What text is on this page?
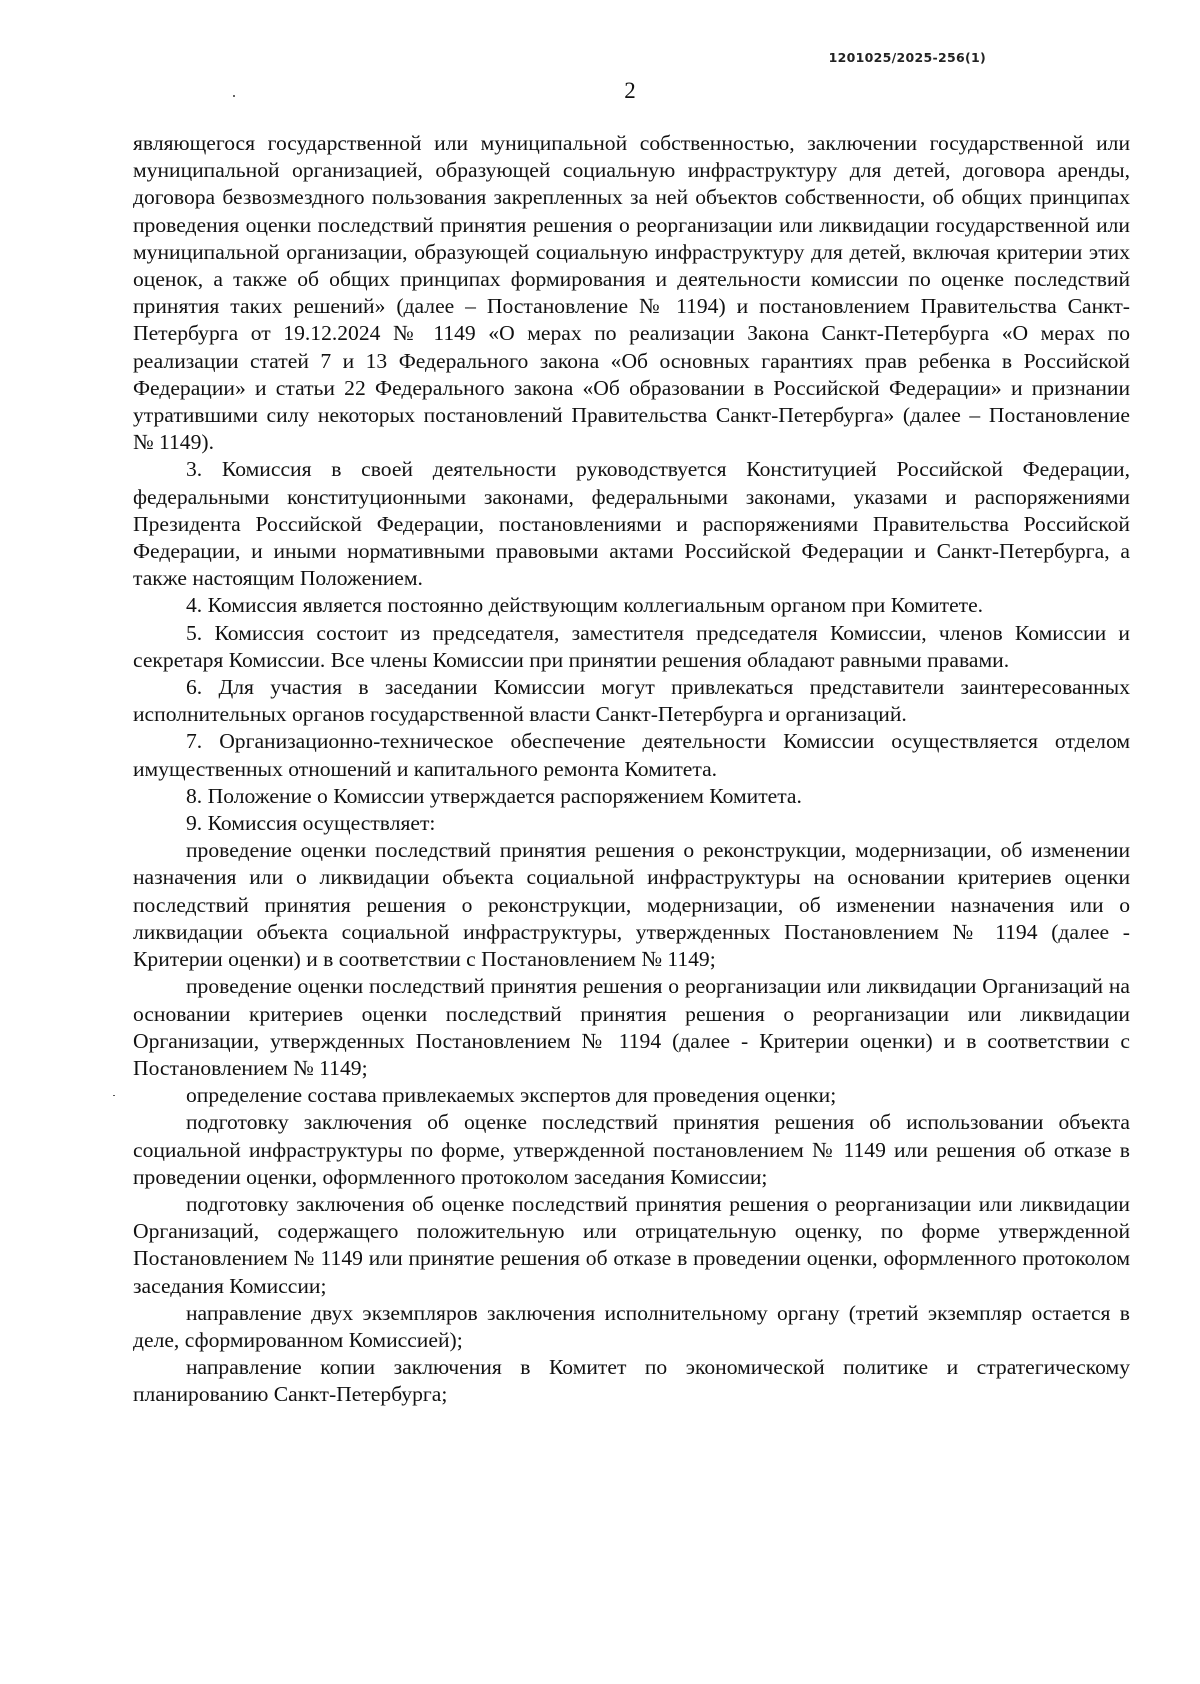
1201025/2025-256(1)
2

являющегося государственной или муниципальной собственностью, заключении государственной или муниципальной организацией, образующей социальную инфраструктуру для детей, договора аренды, договора безвозмездного пользования закрепленных за ней объектов собственности, об общих принципах проведения оценки последствий принятия решения о реорганизации или ликвидации государственной или муниципальной организации, образующей социальную инфраструктуру для детей, включая критерии этих оценок, а также об общих принципах формирования и деятельности комиссии по оценке последствий принятия таких решений» (далее – Постановление № 1194) и постановлением Правительства Санкт-Петербурга от 19.12.2024 № 1149 «О мерах по реализации Закона Санкт-Петербурга «О мерах по реализации статей 7 и 13 Федерального закона «Об основных гарантиях прав ребенка в Российской Федерации» и статьи 22 Федерального закона «Об образовании в Российской Федерации» и признании утратившими силу некоторых постановлений Правительства Санкт-Петербурга» (далее – Постановление № 1149).

3. Комиссия в своей деятельности руководствуется Конституцией Российской Федерации, федеральными конституционными законами, федеральными законами, указами и распоряжениями Президента Российской Федерации, постановлениями и распоряжениями Правительства Российской Федерации, и иными нормативными правовыми актами Российской Федерации и Санкт-Петербурга, а также настоящим Положением.

4. Комиссия является постоянно действующим коллегиальным органом при Комитете.

5. Комиссия состоит из председателя, заместителя председателя Комиссии, членов Комиссии и секретаря Комиссии. Все члены Комиссии при принятии решения обладают равными правами.

6. Для участия в заседании Комиссии могут привлекаться представители заинтересованных исполнительных органов государственной власти Санкт-Петербурга и организаций.

7. Организационно-техническое обеспечение деятельности Комиссии осуществляется отделом имущественных отношений и капитального ремонта Комитета.

8. Положение о Комиссии утверждается распоряжением Комитета.

9. Комиссия осуществляет:

проведение оценки последствий принятия решения о реконструкции, модернизации, об изменении назначения или о ликвидации объекта социальной инфраструктуры на основании критериев оценки последствий принятия решения о реконструкции, модернизации, об изменении назначения или о ликвидации объекта социальной инфраструктуры, утвержденных Постановлением № 1194 (далее - Критерии оценки) и в соответствии с Постановлением № 1149;

проведение оценки последствий принятия решения о реорганизации или ликвидации Организаций на основании критериев оценки последствий принятия решения о реорганизации или ликвидации Организации, утвержденных Постановлением № 1194 (далее - Критерии оценки) и в соответствии с Постановлением № 1149;

определение состава привлекаемых экспертов для проведения оценки;

подготовку заключения об оценке последствий принятия решения об использовании объекта социальной инфраструктуры по форме, утвержденной постановлением № 1149 или решения об отказе в проведении оценки, оформленного протоколом заседания Комиссии;

подготовку заключения об оценке последствий принятия решения о реорганизации или ликвидации Организаций, содержащего положительную или отрицательную оценку, по форме утвержденной Постановлением № 1149 или принятие решения об отказе в проведении оценки, оформленного протоколом заседания Комиссии;

направление двух экземпляров заключения исполнительному органу (третий экземпляр остается в деле, сформированном Комиссией);

направление копии заключения в Комитет по экономической политике и стратегическому планированию Санкт-Петербурга;
